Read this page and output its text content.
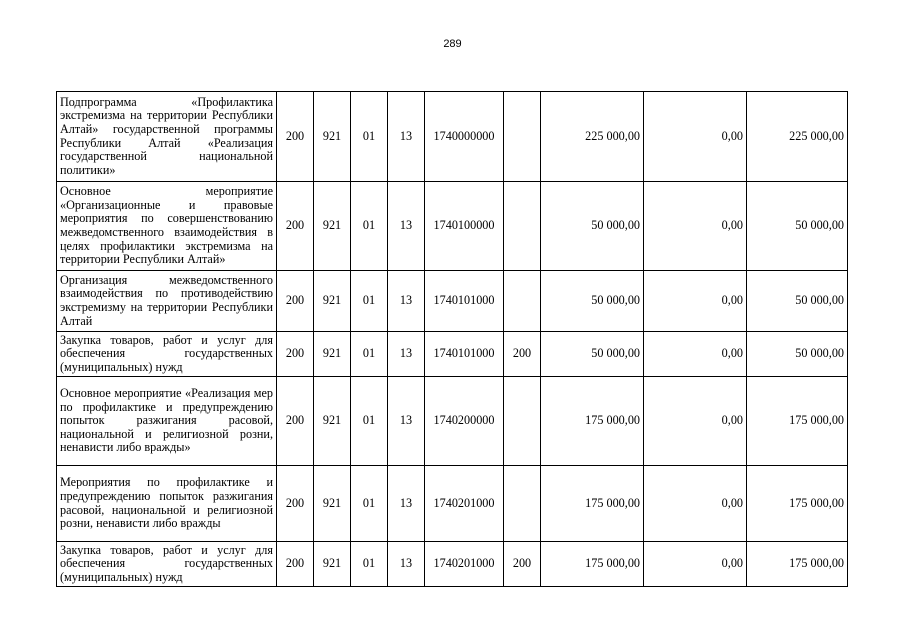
289
Подпрограмма «Профилактика экстремизма на территории Республики Алтай» государственной программы Республики Алтай «Реализация государственной национальной политики»	200	921	01	13	1740000000		225 000,00	0,00	225 000,00
Основное мероприятие «Организационные и правовые мероприятия по совершенствованию межведомственного взаимодействия в целях профилактики экстремизма на территории Республики Алтай»	200	921	01	13	1740100000		50 000,00	0,00	50 000,00
Организация межведомственного взаимодействия по противодействию экстремизму на территории Республики Алтай	200	921	01	13	1740101000		50 000,00	0,00	50 000,00
Закупка товаров, работ и услуг для обеспечения государственных (муниципальных) нужд	200	921	01	13	1740101000	200	50 000,00	0,00	50 000,00
Основное мероприятие «Реализация мер по профилактике и предупреждению попыток разжигания расовой, национальной и религиозной розни, ненависти либо вражды»	200	921	01	13	1740200000		175 000,00	0,00	175 000,00
Мероприятия по профилактике и предупреждению попыток разжигания расовой, национальной и религиозной розни, ненависти либо вражды	200	921	01	13	1740201000		175 000,00	0,00	175 000,00
Закупка товаров, работ и услуг для обеспечения государственных (муниципальных) нужд	200	921	01	13	1740201000	200	175 000,00	0,00	175 000,00
